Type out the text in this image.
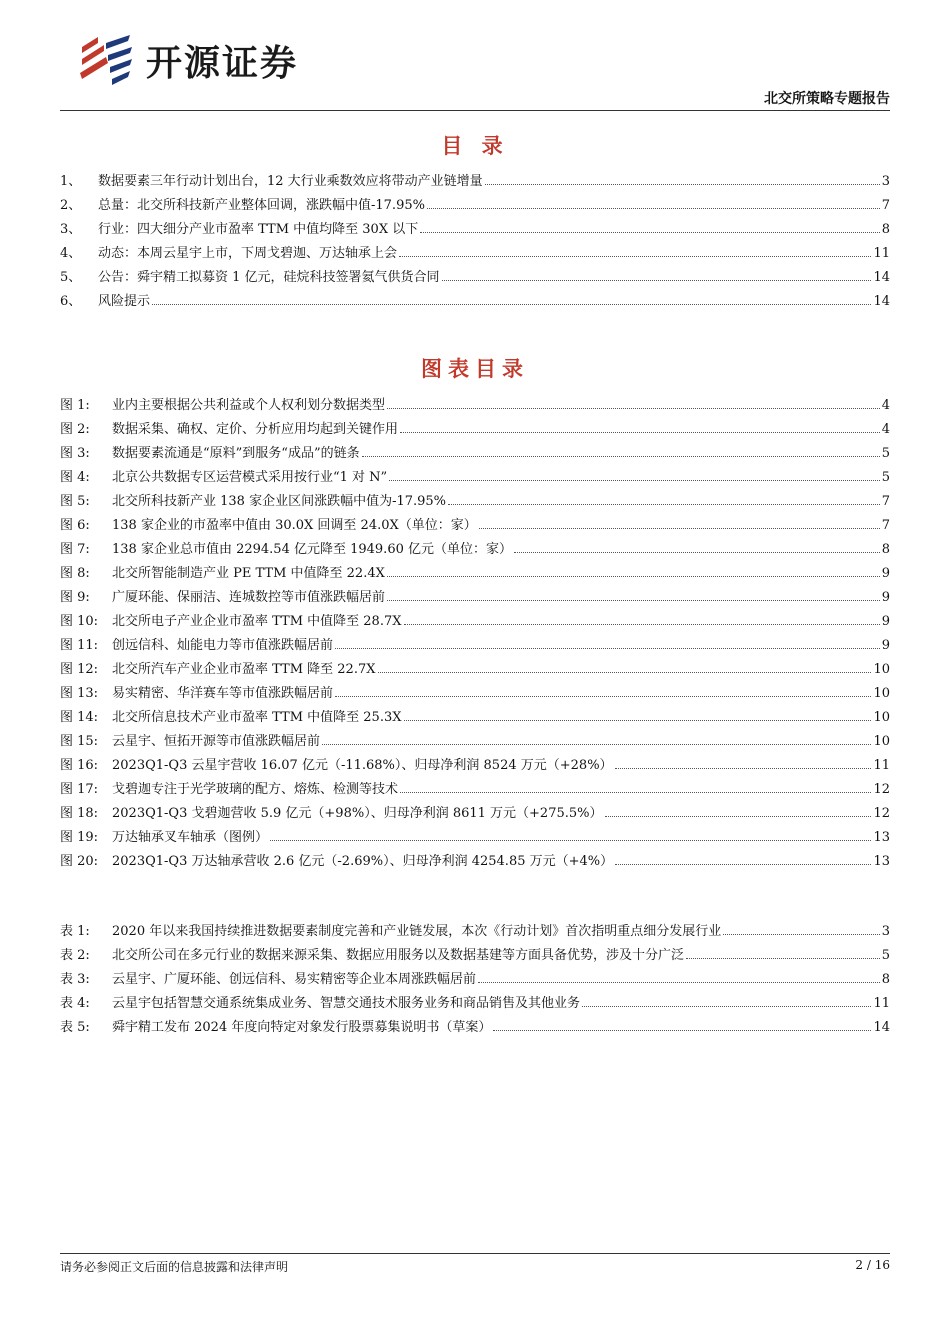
开源证券
北交所策略专题报告
目 录
1、	数据要素三年行动计划出台，12 大行业乘数效应将带动产业链增量	3
2、	总量：北交所科技新产业整体回调，涨跌幅中值-17.95%	7
3、	行业：四大细分产业市盈率 TTM 中值均降至 30X 以下	8
4、	动态：本周云星宇上市，下周戈碧迦、万达轴承上会	11
5、	公告：舜宇精工拟募资 1 亿元，硅烷科技签署氦气供货合同	14
6、	风险提示	14
图表目录
图 1:	业内主要根据公共利益或个人权利划分数据类型	4
图 2:	数据采集、确权、定价、分析应用均起到关键作用	4
图 3:	数据要素流通是“原料”到服务“成品”的链条	5
图 4:	北京公共数据专区运营模式采用按行业“1 对 N”	5
图 5:	北交所科技新产业 138 家企业区间涨跌幅中值为-17.95%	7
图 6:	138 家企业的市盈率中值由 30.0X 回调至 24.0X（单位：家）	7
图 7:	138 家企业总市值由 2294.54 亿元降至 1949.60 亿元（单位：家）	8
图 8:	北交所智能制造产业 PE TTM 中值降至 22.4X	9
图 9:	广厦环能、保丽洁、连城数控等市值涨跌幅居前	9
图 10:	北交所电子产业企业市盈率 TTM 中值降至 28.7X	9
图 11:	创远信科、灿能电力等市值涨跌幅居前	9
图 12:	北交所汽车产业企业市盈率 TTM 降至 22.7X	10
图 13:	易实精密、华洋赛车等市值涨跌幅居前	10
图 14:	北交所信息技术产业市盈率 TTM 中值降至 25.3X	10
图 15:	云星宇、恒拓开源等市值涨跌幅居前	10
图 16:	2023Q1-Q3 云星宇营收 16.07 亿元（-11.68%）、归母净利润 8524 万元（+28%）	11
图 17:	戈碧迦专注于光学玻璃的配方、熔炼、检测等技术	12
图 18:	2023Q1-Q3 戈碧迦营收 5.9 亿元（+98%）、归母净利润 8611 万元（+275.5%）	12
图 19:	万达轴承叉车轴承（图例）	13
图 20:	2023Q1-Q3 万达轴承营收 2.6 亿元（-2.69%）、归母净利润 4254.85 万元（+4%）	13
表 1:	2020 年以来我国持续推进数据要素制度完善和产业链发展，本次《行动计划》首次指明重点细分发展行业	3
表 2:	北交所公司在多元行业的数据来源采集、数据应用服务以及数据基建等方面具备优势，涉及十分广泛	5
表 3:	云星宇、广厦环能、创远信科、易实精密等企业本周涨跌幅居前	8
表 4:	云星宇包括智慧交通系统集成业务、智慧交通技术服务业务和商品销售及其他业务	11
表 5:	舜宇精工发布 2024 年度向特定对象发行股票募集说明书（草案）	14
请务必参阅正文后面的信息披露和法律声明	2 / 16
